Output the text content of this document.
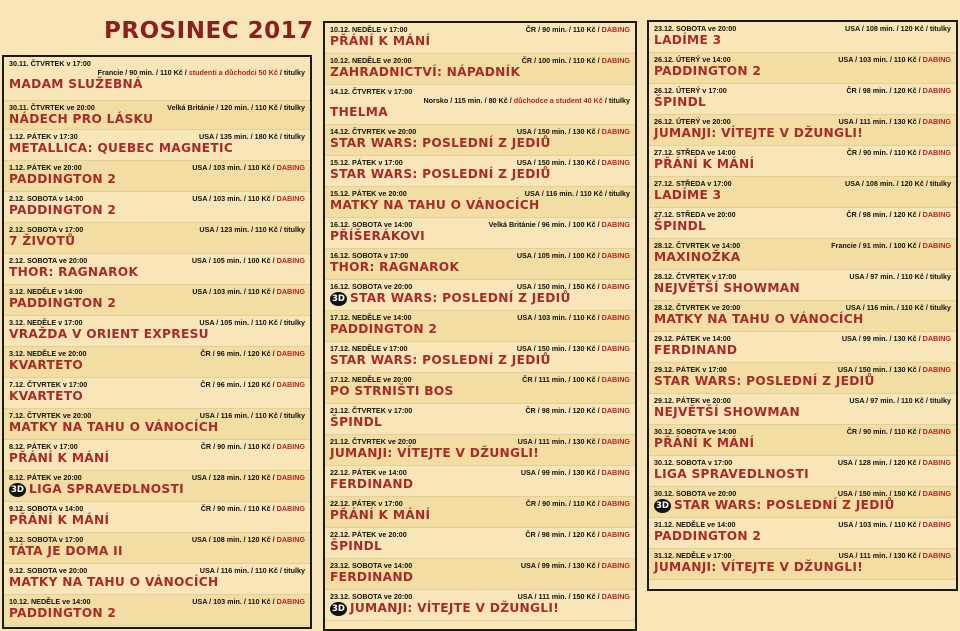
PROSINEC 2017
30.11. ČTVRTEK v 17:00
Francie / 90 min. / 110 Kč / studenti a důchodci 50 Kč / titulky
MADAM SLUŽEBNÁ
30.11. ČTVRTEK ve 20:00	Velká Británie / 120 min. / 110 Kč / titulky
NÁDECH PRO LÁSKU
1.12. PÁTEK v 17:30	USA / 135 min. / 180 Kč / titulky
METALLICA: QUEBEC MAGNETIC
1.12. PÁTEK ve 20:00	USA / 103 min. / 110 Kč / DABING
PADDINGTON 2
2.12. SOBOTA v 14:00	USA / 103 min. / 110 Kč / DABING
PADDINGTON 2
2.12. SOBOTA v 17:00	USA / 123 min. / 110 Kč / titulky
7 ŽIVOTŮ
2.12. SOBOTA ve 20:00	USA / 105 min. / 100 Kč / DABING
THOR: RAGNAROK
3.12. NEDĚLE v 14:00	USA / 103 min. / 110 Kč / DABING
PADDINGTON 2
3.12. NEDĚLE v 17:00	USA / 105 min. / 110 Kč / titulky
VRAŽDA V ORIENT EXPRESU
3.12. NEDĚLE ve 20:00	ČR / 96 min. / 120 Kč / DABING
KVARTETO
7.12. ČTVRTEK v 17:00	ČR / 96 min. / 120 Kč / DABING
KVARTETO
7.12. ČTVRTEK ve 20:00	USA / 116 min. / 110 Kč / titulky
MATKY NA TAHU O VÁNOCÍCH
8.12. PÁTEK v 17:00	ČR / 90 min. / 110 Kč / DABING
PŘÁNÍ K MÁNÍ
8.12. PÁTEK ve 20:00	USA / 128 min. / 120 Kč / DABING
3D LIGA SPRAVEDLNOSTI
9.12. SOBOTA v 14:00	ČR / 90 min. / 110 Kč / DABING
PŘÁNÍ K MÁNÍ
9.12. SOBOTA v 17:00	USA / 108 min. / 120 Kč / DABING
TÁTA JE DOMA II
9.12. SOBOTA ve 20:00	USA / 116 min. / 110 Kč / titulky
MATKY NA TAHU O VÁNOCÍCH
10.12. NEDĚLE ve 14:00	USA / 103 min. / 110 Kč / DABING
PADDINGTON 2
10.12. NEDĚLE v 17:00	ČR / 90 min. / 110 Kč / DABING
PŘÁNÍ K MÁNÍ
10.12. NEDĚLE ve 20:00	ČR / 100 min. / 110 Kč / DABING
ZAHRADNICTVÍ: NÁPADNÍK
14.12. ČTVRTEK v 17:00
Norsko / 115 min. / 80 Kč / důchodce a student 40 Kč / titulky
THELMA
14.12. ČTVRTEK ve 20:00	USA / 150 min. / 130 Kč / DABING
STAR WARS: POSLEDNÍ Z JEDIŮ
15.12. PÁTEK v 17:00	USA / 150 min. / 130 Kč / DABING
STAR WARS: POSLEDNÍ Z JEDIŮ
15.12. PÁTEK ve 20:00	USA / 116 min. / 110 Kč / titulky
MATKY NA TAHU O VÁNOCÍCH
16.12. SOBOTA ve 14:00	Velká Británie / 96 min. / 100 Kč / DABING
PŘÍŠERÁKOVI
16.12. SOBOTA v 17:00	USA / 105 min. / 100 Kč / DABING
THOR: RAGNAROK
16.12. SOBOTA ve 20:00	USA / 150 min. / 150 Kč / DABING
3D STAR WARS: POSLEDNÍ Z JEDIŮ
17.12. NEDĚLE ve 14:00	USA / 103 min. / 110 Kč / DABING
PADDINGTON 2
17.12. NEDĚLE v 17:00	USA / 150 min. / 130 Kč / DABING
STAR WARS: POSLEDNÍ Z JEDIŮ
17.12. NEDĚLE ve 20:00	ČR / 111 min. / 100 Kč / DABING
PO STRNIŠTI BOS
21.12. ČTVRTEK v 17:00	ČR / 98 min. / 120 Kč / DABING
ŠPINDL
21.12. ČTVRTEK ve 20:00	USA / 111 min. / 130 Kč / DABING
JUMANJI: VÍTEJTE V DŽUNGLI!
22.12. PÁTEK ve 14:00	USA / 99 min. / 130 Kč / DABING
FERDINAND
22.12. PÁTEK v 17:00	ČR / 90 min. / 110 Kč / DABING
PŘÁNÍ K MÁNÍ
22.12. PÁTEK ve 20:00	ČR / 98 min. / 120 Kč / DABING
ŠPINDL
23.12. SOBOTA ve 14:00	USA / 99 min. / 130 Kč / DABING
FERDINAND
23.12. SOBOTA ve 20:00	USA / 111 min. / 150 Kč / DABING
3D JUMANJI: VÍTEJTE V DŽUNGLI!
23.12. SOBOTA ve 20:00	USA / 108 min. / 120 Kč / titulky
LADÍME 3
26.12. ÚTERÝ ve 14:00	USA / 103 min. / 110 Kč / DABING
PADDINGTON 2
26.12. ÚTERÝ v 17:00	ČR / 98 min. / 120 Kč / DABING
ŠPINDL
26.12. ÚTERÝ ve 20:00	USA / 111 min. / 130 Kč / DABING
JUMANJI: VÍTEJTE V DŽUNGLI!
27.12. STŘEDA ve 14:00	ČR / 90 min. / 110 Kč / DABING
PŘÁNÍ K MÁNÍ
27.12. STŘEDA v 17:00	USA / 108 min. / 120 Kč / titulky
LADÍME 3
27.12. STŘEDA ve 20:00	ČR / 98 min. / 120 Kč / DABING
ŠPINDL
28.12. ČTVRTEK ve 14:00	Francie / 91 min. / 100 Kč / DABING
MAXINOŽKA
28.12. ČTVRTEK v 17:00	USA / 97 min. / 110 Kč / titulky
NEJVĚTŠÍ SHOWMAN
28.12. ČTVRTEK ve 20:00	USA / 116 min. / 110 Kč / titulky
MATKY NA TAHU O VÁNOCÍCH
29.12. PÁTEK ve 14:00	USA / 99 min. / 130 Kč / DABING
FERDINAND
29.12. PÁTEK v 17:00	USA / 150 min. / 130 Kč / DABING
STAR WARS: POSLEDNÍ Z JEDIŮ
29.12. PÁTEK ve 20:00	USA / 97 min. / 110 Kč / titulky
NEJVĚTŠÍ SHOWMAN
30.12. SOBOTA ve 14:00	ČR / 90 min. / 110 Kč / DABING
PŘÁNÍ K MÁNÍ
30.12. SOBOTA v 17:00	USA / 128 min. / 120 Kč / DABING
LIGA SPRAVEDLNOSTI
30.12. SOBOTA ve 20:00	USA / 150 min. / 150 Kč / DABING
3D STAR WARS: POSLEDNÍ Z JEDIŮ
31.12. NEDĚLE ve 14:00	USA / 103 min. / 110 Kč / DABING
PADDINGTON 2
31.12. NEDĚLE v 17:00	USA / 111 min. / 130 Kč / DABING
JUMANJI: VÍTEJTE V DŽUNGLI!
